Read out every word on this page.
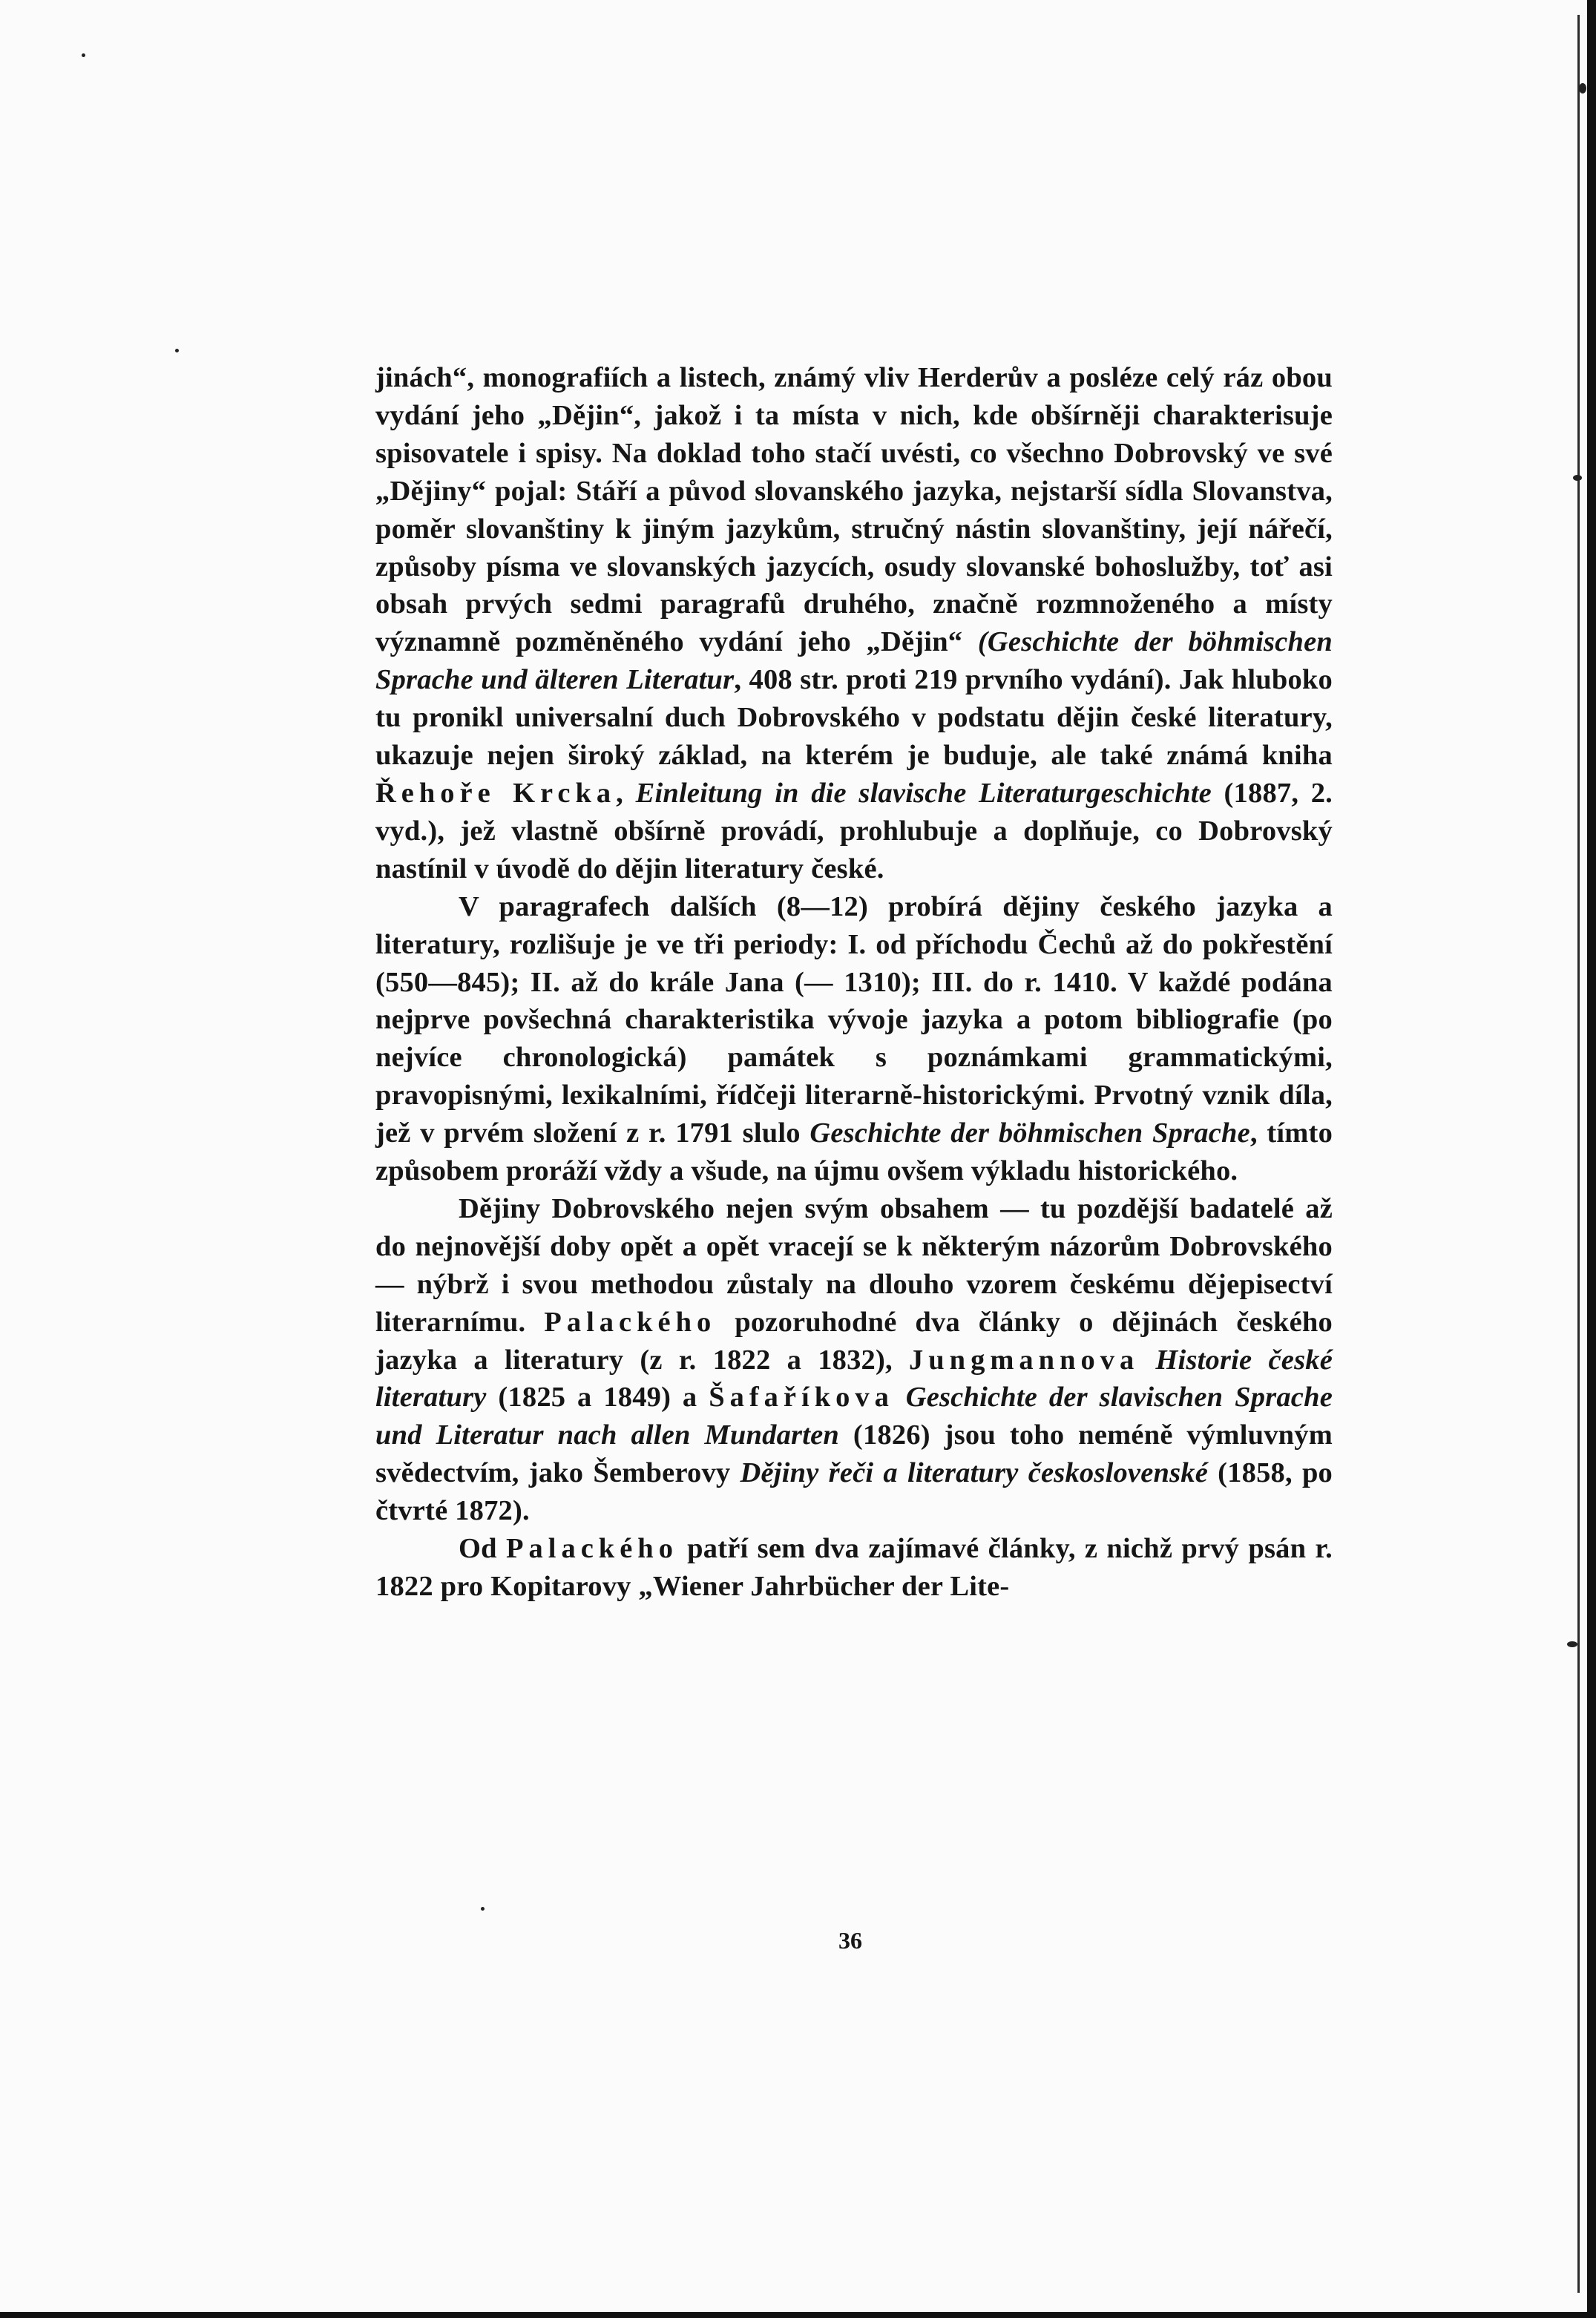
jinách“, monografiích a listech, známý vliv Herderův a posléze celý ráz obou vydání jeho „Dějin“, jakož i ta místa v nich, kde obšírněji charakterisuje spisovatele i spisy. Na doklad toho stačí uvésti, co všechno Dobrovský ve své „Dějiny“ pojal: Stáří a původ slovanského jazyka, nejstarší sídla Slovanstva, poměr slovanštiny k jiným jazykům, stručný nástin slovanštiny, její nářečí, způsoby písma ve slovanských jazycích, osudy slovanské bohoslužby, toť asi obsah prvých sedmi paragrafů druhého, značně rozmnoženého a místy významně pozměněného vydání jeho „Dějin“ (Geschichte der böhmischen Sprache und älteren Literatur, 408 str. proti 219 prvního vydání). Jak hluboko tu pronikl universalní duch Dobrovského v podstatu dějin české literatury, ukazuje nejen široký základ, na kterém je buduje, ale také známá kniha Řehoře Krcka, Einleitung in die slavische Literaturgeschichte (1887, 2. vyd.), jež vlastně obšírně provádí, prohlubuje a doplňuje, co Dobrovský nastínil v úvodě do dějin literatury české.

V paragrafech dalších (8—12) probírá dějiny českého jazyka a literatury, rozlišuje je ve tři periody: I. od příchodu Čechů až do pokřestění (550—845); II. až do krále Jana (— 1310); III. do r. 1410. V každé podána nejprve povšechná charakteristika vývoje jazyka a potom bibliografie (po nejvíce chronologická) památek s poznámkami grammatickými, pravopisnými, lexikalními, řídčeji literarně-historickými. Prvotný vznik díla, jež v prvém složení z r. 1791 slulo Geschichte der böhmischen Sprache, tímto způsobem proráží vždy a všude, na újmu ovšem výkladu historického.

Dějiny Dobrovského nejen svým obsahem — tu pozdější badatelé až do nejnovější doby opět a opět vracejí se k některým názorům Dobrovského — nýbrž i svou methodou zůstaly na dlouho vzorem českému dějepisectví literarnímu. Palackého pozoruhodné dva články o dějinách českého jazyka a literatury (z r. 1822 a 1832), Jungmannova Historie české literatury (1825 a 1849) a Šafaříkova Geschichte der slavischen Sprache und Literatur nach allen Mundarten (1826) jsou toho neméně výmluvným svědectvím, jako Šemberovy Dějiny řeči a literatury československé (1858, po čtvrté 1872).

Od Palackého patří sem dva zajímavé články, z nichž prvý psán r. 1822 pro Kopitarovy „Wiener Jahrbücher der Lite-

36
